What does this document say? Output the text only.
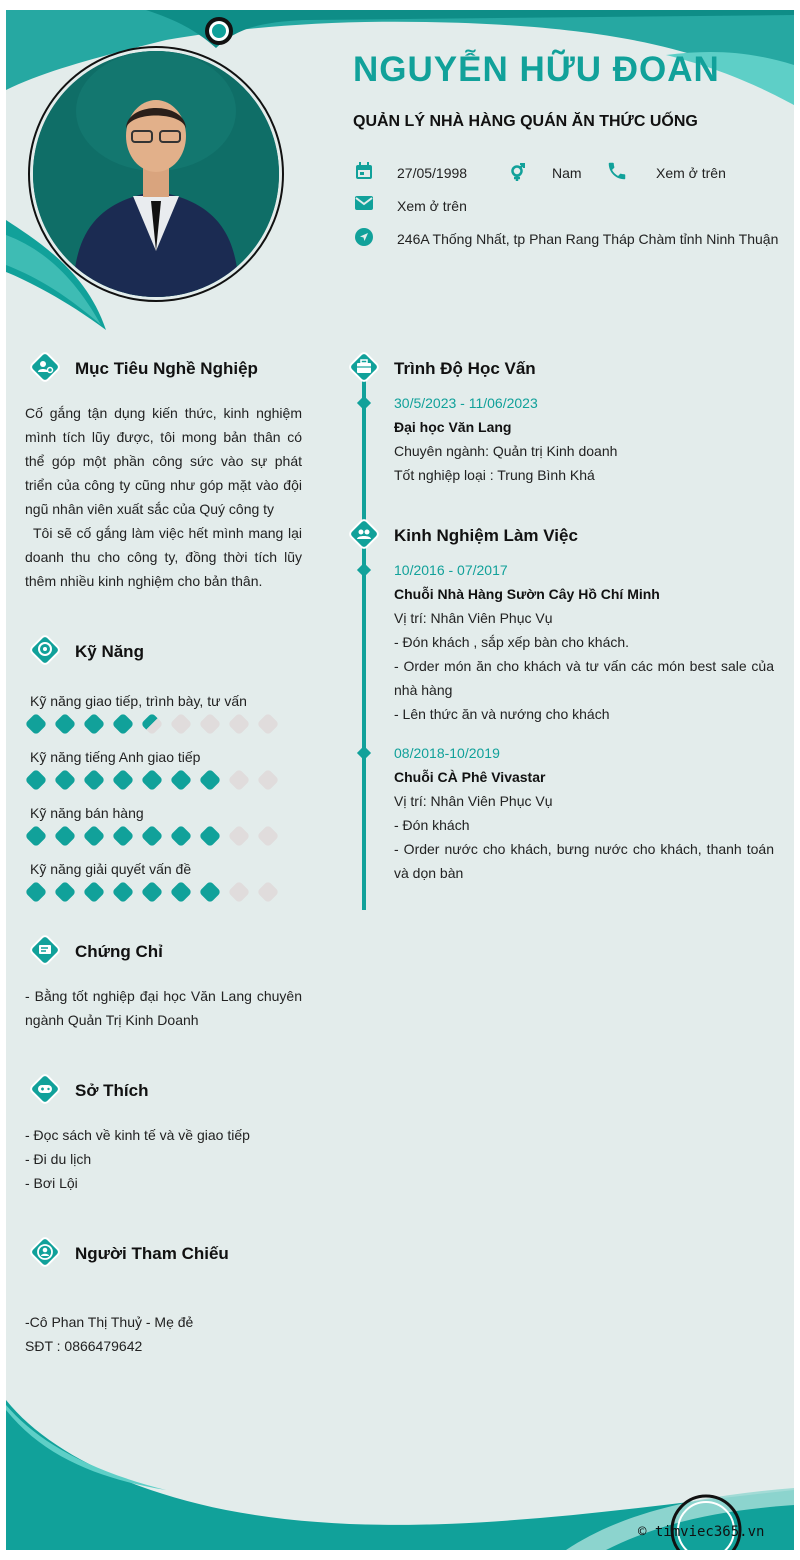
NGUYỄN HỮU ĐOAN
QUẢN LÝ NHÀ HÀNG QUÁN ĂN THỨC UỐNG
27/05/1998	Nam	Xem ở trên
Xem ở trên
246A Thống Nhất, tp Phan Rang Tháp Chàm tỉnh Ninh Thuận
Mục Tiêu Nghề Nghiệp

Cố gắng tận dụng kiến thức, kinh nghiệm mình tích lũy được, tôi mong bản thân có thể góp một phần công sức vào sự phát triển của công ty cũng như góp mặt vào đội ngũ nhân viên xuất sắc của Quý công ty

Tôi sẽ cố gắng làm việc hết mình mang lại doanh thu cho công ty, đồng thời tích lũy thêm nhiều kinh nghiệm cho bản thân.

Kỹ Năng
Kỹ năng giao tiếp, trình bày, tư vấn
Kỹ năng tiếng Anh giao tiếp
Kỹ năng bán hàng
Kỹ năng giải quyết vấn đề
Chứng Chỉ
- Bằng tốt nghiệp đại học Văn Lang chuyên ngành Quản Trị Kinh Doanh
Sở Thích

- Đọc sách về kinh tế và về giao tiếp

- Đi du lịch

- Bơi Lội

Người Tham Chiếu

-Cô Phan Thị Thuỷ - Mẹ đẻ

SĐT : 0866479642

Trình Độ Học Vấn
30/5/2023 - 11/06/2023
Đại học Văn Lang

Chuyên ngành: Quản trị Kinh doanh

Tốt nghiệp loại : Trung Bình Khá

Kinh Nghiệm Làm Việc
10/2016 - 07/2017
Chuỗi Nhà Hàng Sườn Cây Hồ Chí Minh

Vị trí: Nhân Viên Phục Vụ

- Đón khách , sắp xếp bàn cho khách.

- Order món ăn cho khách và tư vấn các món best sale của nhà hàng

- Lên thức ăn và nướng cho khách

08/2018-10/2019
Chuỗi CÀ Phê Vivastar

Vị trí: Nhân Viên Phục Vụ

- Đón khách

- Order nước cho khách, bưng nước cho khách, thanh toán và dọn bàn

© timviec365.vn
